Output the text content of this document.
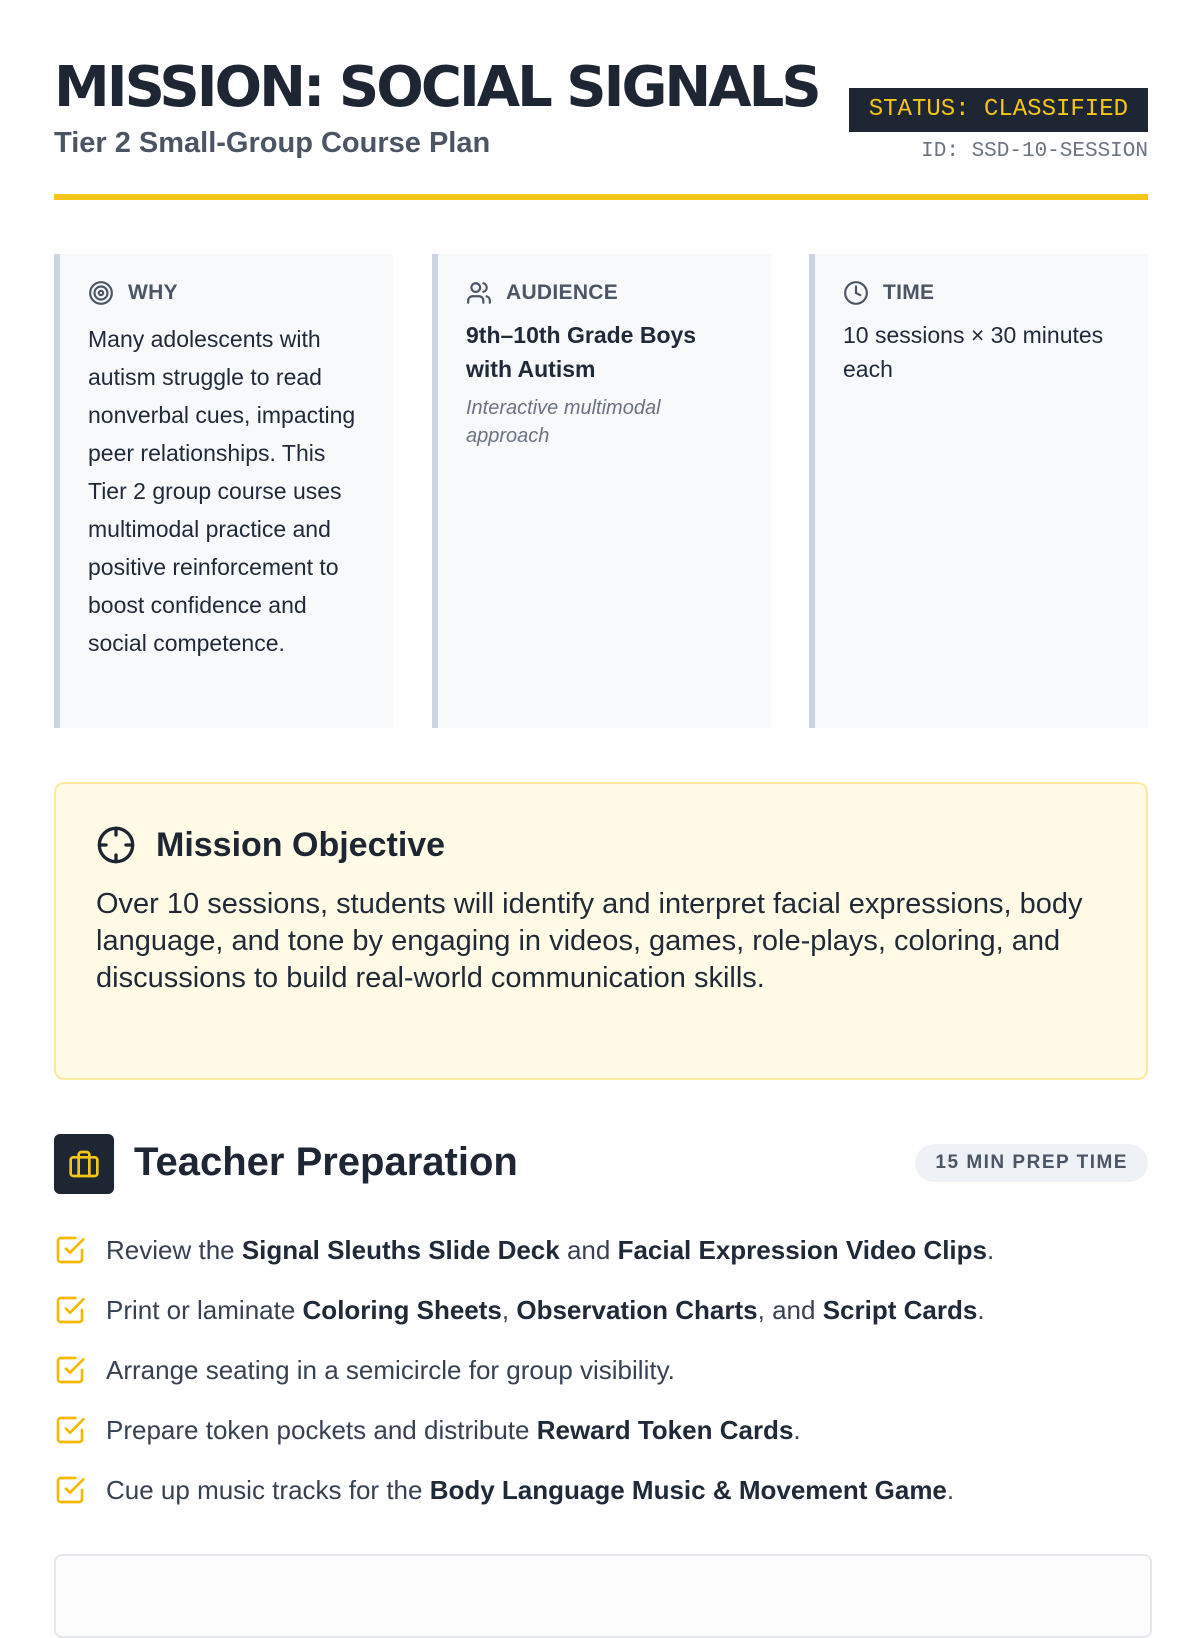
MISSION: SOCIAL SIGNALS

Tier 2 Small-Group Course Plan

STATUS: CLASSIFIED
ID: SSD-10-SESSION
WHY
Many adolescents with autism struggle to read nonverbal cues, impacting peer relationships. This Tier 2 group course uses multimodal practice and positive reinforcement to boost confidence and social competence.
AUDIENCE
9th–10th Grade Boys with Autism
Interactive multimodal approach
TIME
10 sessions × 30 minutes each
Mission Objective
Over 10 sessions, students will identify and interpret facial expressions, body language, and tone by engaging in videos, games, role-plays, coloring, and discussions to build real-world communication skills.
Teacher Preparation	15 MIN PREP TIME
Review the Signal Sleuths Slide Deck and Facial Expression Video Clips.
Print or laminate Coloring Sheets, Observation Charts, and Script Cards.
Arrange seating in a semicircle for group visibility.
Prepare token pockets and distribute Reward Token Cards.
Cue up music tracks for the Body Language Music & Movement Game.
